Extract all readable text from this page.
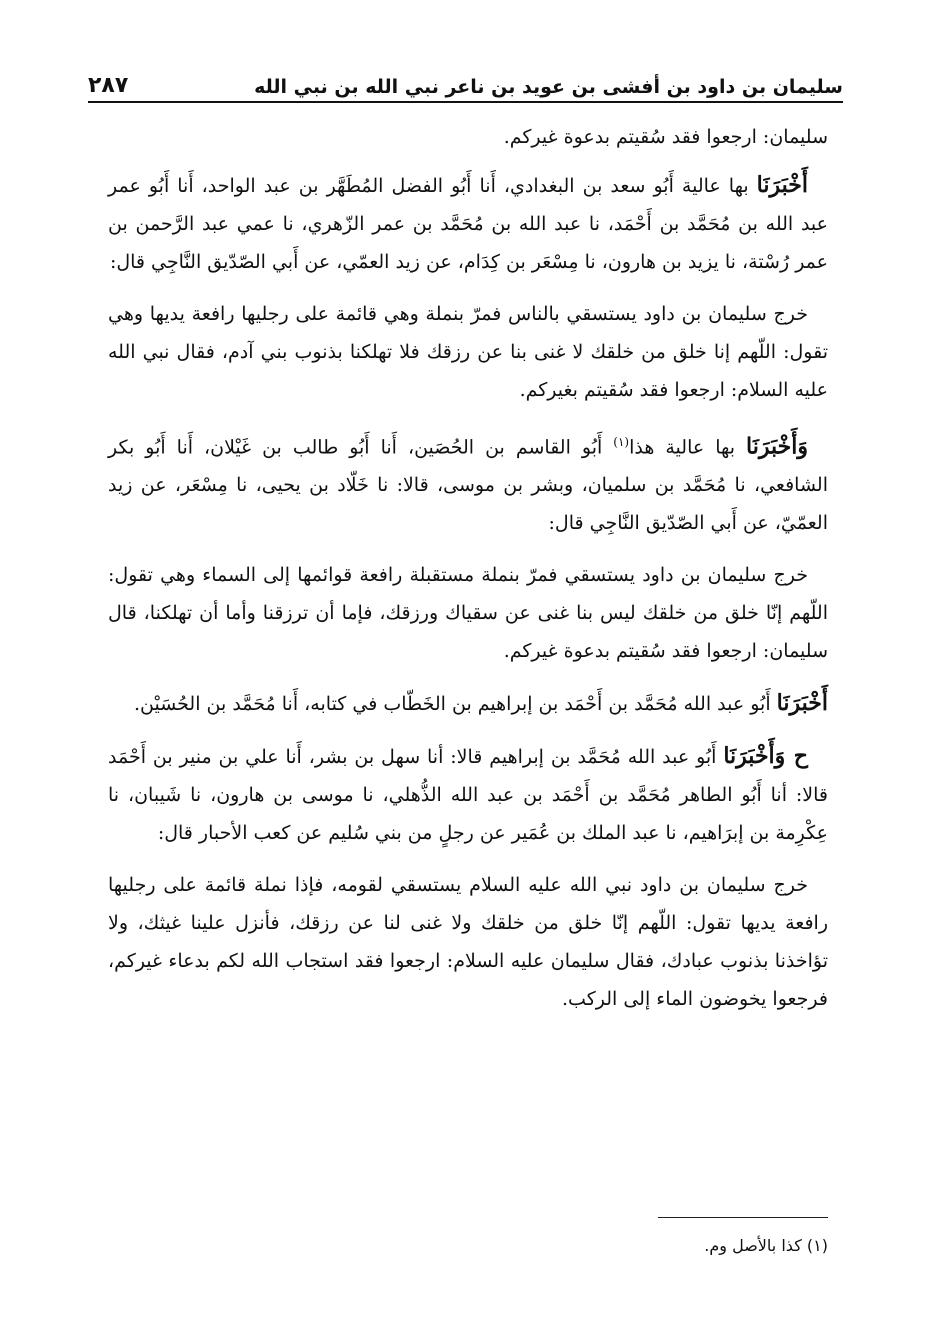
٢٨٧	سليمان بن داود بن أفشى بن عويد بن ناعر نبي الله بن نبي الله

سليمان: ارجعوا فقد سُقيتم بدعوة غيركم.

أَخْبَرَنَا بها عالية أَبُو سعد بن البغدادي، أَنا أَبُو الفضل المُطَهَّر بن عبد الواحد، أَنا أَبُو عمر عبد الله بن مُحَمَّد بن أَحْمَد، نا عبد الله بن مُحَمَّد بن عمر الزّهري، نا عمي عبد الرَّحمن بن عمر رُسْتة، نا يزيد بن هارون، نا مِسْعَر بن كِدَام، عن زيد العمّي، عن أَبي الصّدّيق النَّاجِي قال:

خرج سليمان بن داود يستسقي بالناس فمرّ بنملة وهي قائمة على رجليها رافعة يديها وهي تقول: اللّهم إنا خلق من خلقك لا غنى بنا عن رزقك فلا تهلكنا بذنوب بني آدم، فقال نبي الله عليه السلام: ارجعوا فقد سُقيتم بغيركم.

وَأَخْبَرَنَا بها عالية هذا$^{(١)}$ أَبُو القاسم بن الحُصَين، أَنا أَبُو طالب بن غَيْلان، أَنا أَبُو بكر الشافعي، نا مُحَمَّد بن سلميان، وبشر بن موسى، قالا: نا خَلّاد بن يحيى، نا مِسْعَر، عن زيد العمّيّ، عن أَبي الصّدّيق النَّاجِي قال:

خرج سليمان بن داود يستسقي فمرّ بنملة مستقبلة رافعة قوائمها إلى السماء وهي تقول: اللّهم إنّا خلق من خلقك ليس بنا غنى عن سقياك ورزقك، فإما أن ترزقنا وأما أن تهلكنا، قال سليمان: ارجعوا فقد سُقيتم بدعوة غيركم.

أَخْبَرَنَا أَبُو عبد الله مُحَمَّد بن أَحْمَد بن إبراهيم بن الخَطّاب في كتابه، أَنا مُحَمَّد بن الحُسَيْن.

ح وَأَخْبَرَنَا أَبُو عبد الله مُحَمَّد بن إبراهيم قالا: أنا سهل بن بشر، أَنا علي بن منير بن أَحْمَد قالا: أنا أَبُو الطاهر مُحَمَّد بن أَحْمَد بن عبد الله الذُّهلي، نا موسى بن هارون، نا شَيبان، نا عِكْرِمة بن إبرَاهيم، نا عبد الملك بن عُمَير عن رجلٍ من بني سُليم عن كعب الأحبار قال:

خرج سليمان بن داود نبي الله عليه السلام يستسقي لقومه، فإذا نملة قائمة على رجليها رافعة يديها تقول: اللّهم إنّا خلق من خلقك ولا غنى لنا عن رزقك، فأنزل علينا غيثك، ولا تؤاخذنا بذنوب عبادك، فقال سليمان عليه السلام: ارجعوا فقد استجاب الله لكم بدعاء غيركم، فرجعوا يخوضون الماء إلى الركب.

(١) كذا بالأصل وم.
